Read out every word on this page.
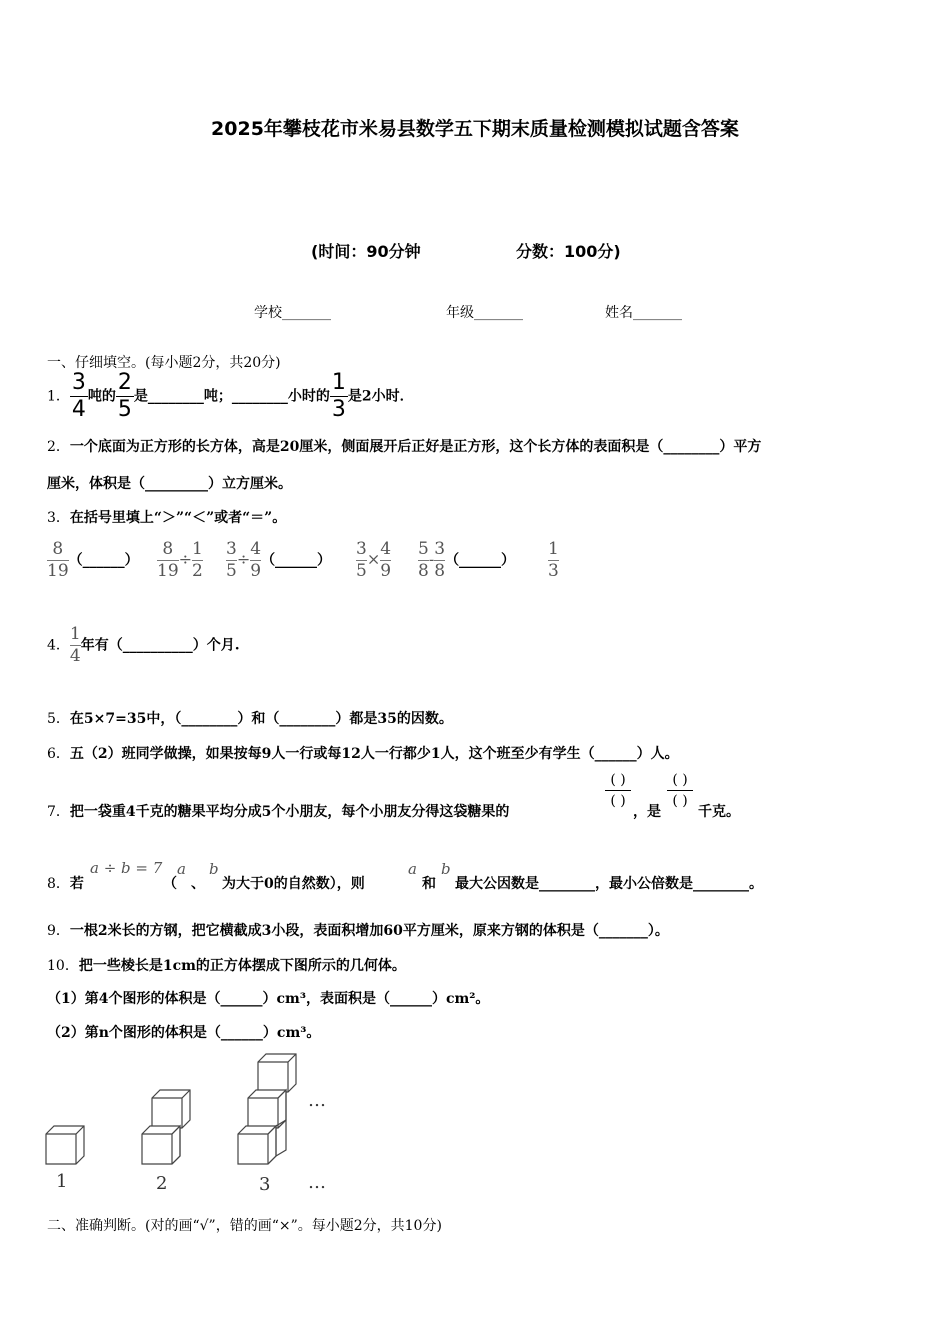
2025年攀枝花市米易县数学五下期末质量检测模拟试题含答案
(时间：90分钟	分数：100分)
学校_______	年级_______	姓名_______
一、仔细填空。(每小题2分，共20分)
1． $\frac{3}{4}$ 吨的 $\frac{2}{5}$ 是________吨；________小时的 $\frac{1}{3}$ 是2小时．
2．一个底面为正方形的长方体，高是20厘米，侧面展开后正好是正方形，这个长方体的表面积是（________）平方
厘米，体积是（_________）立方厘米。
3．在括号里填上“＞”“＜”或者“＝”。
$\frac{8}{19}$ （______） $\frac{8}{19} \div \frac{1}{2} \frac{3}{5} \div \frac{4}{9}$ （______） $\frac{3}{5} \times \frac{4}{9} \frac{5}{8} - \frac{3}{8}$ （______） $\frac{1}{3}$
4． $\frac{1}{4}$ 年有（__________）个月.
5．在5×7=35中，（________）和（________）都是35的因数。
6．五（2）班同学做操，如果按每9人一行或每12人一行都少1人，这个班至少有学生（______）人。
7．把一袋重4千克的糖果平均分成5个小朋友，每个小朋友分得这袋糖果的
( )
( )
，是
( )
( )
千克。
8．若
a ÷ b = 7
（
a
、
b
为大于0的自然数），则
a
和
b
最大公因数是________，最小公倍数是________。
9．一根2米长的方钢，把它横截成3小段，表面积增加60平方厘米，原来方钢的体积是（_______）。
10．把一些棱长是1cm的正方体摆成下图所示的几何体。
（1）第4个图形的体积是（______）cm³，表面积是（______）cm²。
（2）第n个图形的体积是（______）cm³。
1	2	3
…
…
二、准确判断。(对的画“√”，错的画“×”。每小题2分，共10分)
